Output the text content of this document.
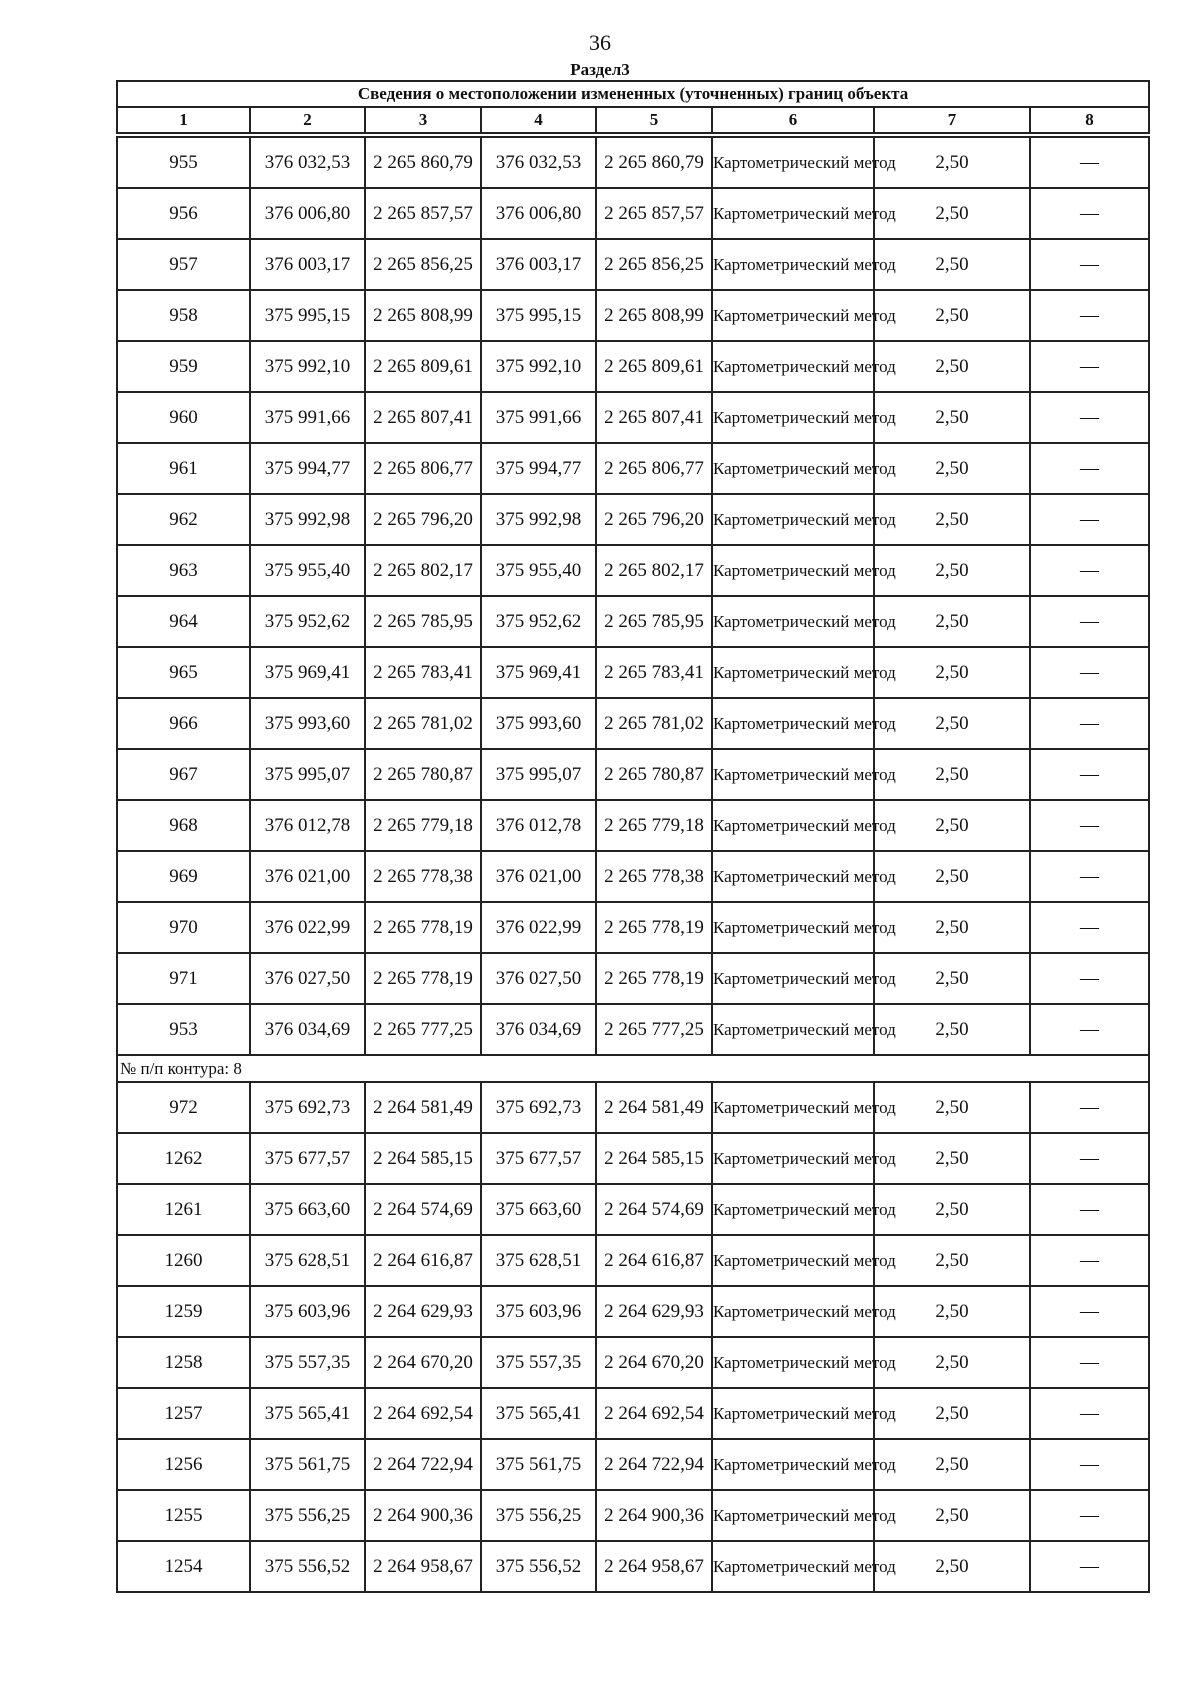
36
Раздел3
Сведения о местоположении измененных (уточненных) границ объекта							
1	2	3	4	5	6	7	8

955	376 032,53	2 265 860,79	376 032,53	2 265 860,79	Картометрический метод	2,50	—
956	376 006,80	2 265 857,57	376 006,80	2 265 857,57	Картометрический метод	2,50	—
957	376 003,17	2 265 856,25	376 003,17	2 265 856,25	Картометрический метод	2,50	—
958	375 995,15	2 265 808,99	375 995,15	2 265 808,99	Картометрический метод	2,50	—
959	375 992,10	2 265 809,61	375 992,10	2 265 809,61	Картометрический метод	2,50	—
960	375 991,66	2 265 807,41	375 991,66	2 265 807,41	Картометрический метод	2,50	—
961	375 994,77	2 265 806,77	375 994,77	2 265 806,77	Картометрический метод	2,50	—
962	375 992,98	2 265 796,20	375 992,98	2 265 796,20	Картометрический метод	2,50	—
963	375 955,40	2 265 802,17	375 955,40	2 265 802,17	Картометрический метод	2,50	—
964	375 952,62	2 265 785,95	375 952,62	2 265 785,95	Картометрический метод	2,50	—
965	375 969,41	2 265 783,41	375 969,41	2 265 783,41	Картометрический метод	2,50	—
966	375 993,60	2 265 781,02	375 993,60	2 265 781,02	Картометрический метод	2,50	—
967	375 995,07	2 265 780,87	375 995,07	2 265 780,87	Картометрический метод	2,50	—
968	376 012,78	2 265 779,18	376 012,78	2 265 779,18	Картометрический метод	2,50	—
969	376 021,00	2 265 778,38	376 021,00	2 265 778,38	Картометрический метод	2,50	—
970	376 022,99	2 265 778,19	376 022,99	2 265 778,19	Картометрический метод	2,50	—
971	376 027,50	2 265 778,19	376 027,50	2 265 778,19	Картометрический метод	2,50	—
953	376 034,69	2 265 777,25	376 034,69	2 265 777,25	Картометрический метод	2,50	—
№ п/п контура: 8							
972	375 692,73	2 264 581,49	375 692,73	2 264 581,49	Картометрический метод	2,50	—
1262	375 677,57	2 264 585,15	375 677,57	2 264 585,15	Картометрический метод	2,50	—
1261	375 663,60	2 264 574,69	375 663,60	2 264 574,69	Картометрический метод	2,50	—
1260	375 628,51	2 264 616,87	375 628,51	2 264 616,87	Картометрический метод	2,50	—
1259	375 603,96	2 264 629,93	375 603,96	2 264 629,93	Картометрический метод	2,50	—
1258	375 557,35	2 264 670,20	375 557,35	2 264 670,20	Картометрический метод	2,50	—
1257	375 565,41	2 264 692,54	375 565,41	2 264 692,54	Картометрический метод	2,50	—
1256	375 561,75	2 264 722,94	375 561,75	2 264 722,94	Картометрический метод	2,50	—
1255	375 556,25	2 264 900,36	375 556,25	2 264 900,36	Картометрический метод	2,50	—
1254	375 556,52	2 264 958,67	375 556,52	2 264 958,67	Картометрический метод	2,50	—
